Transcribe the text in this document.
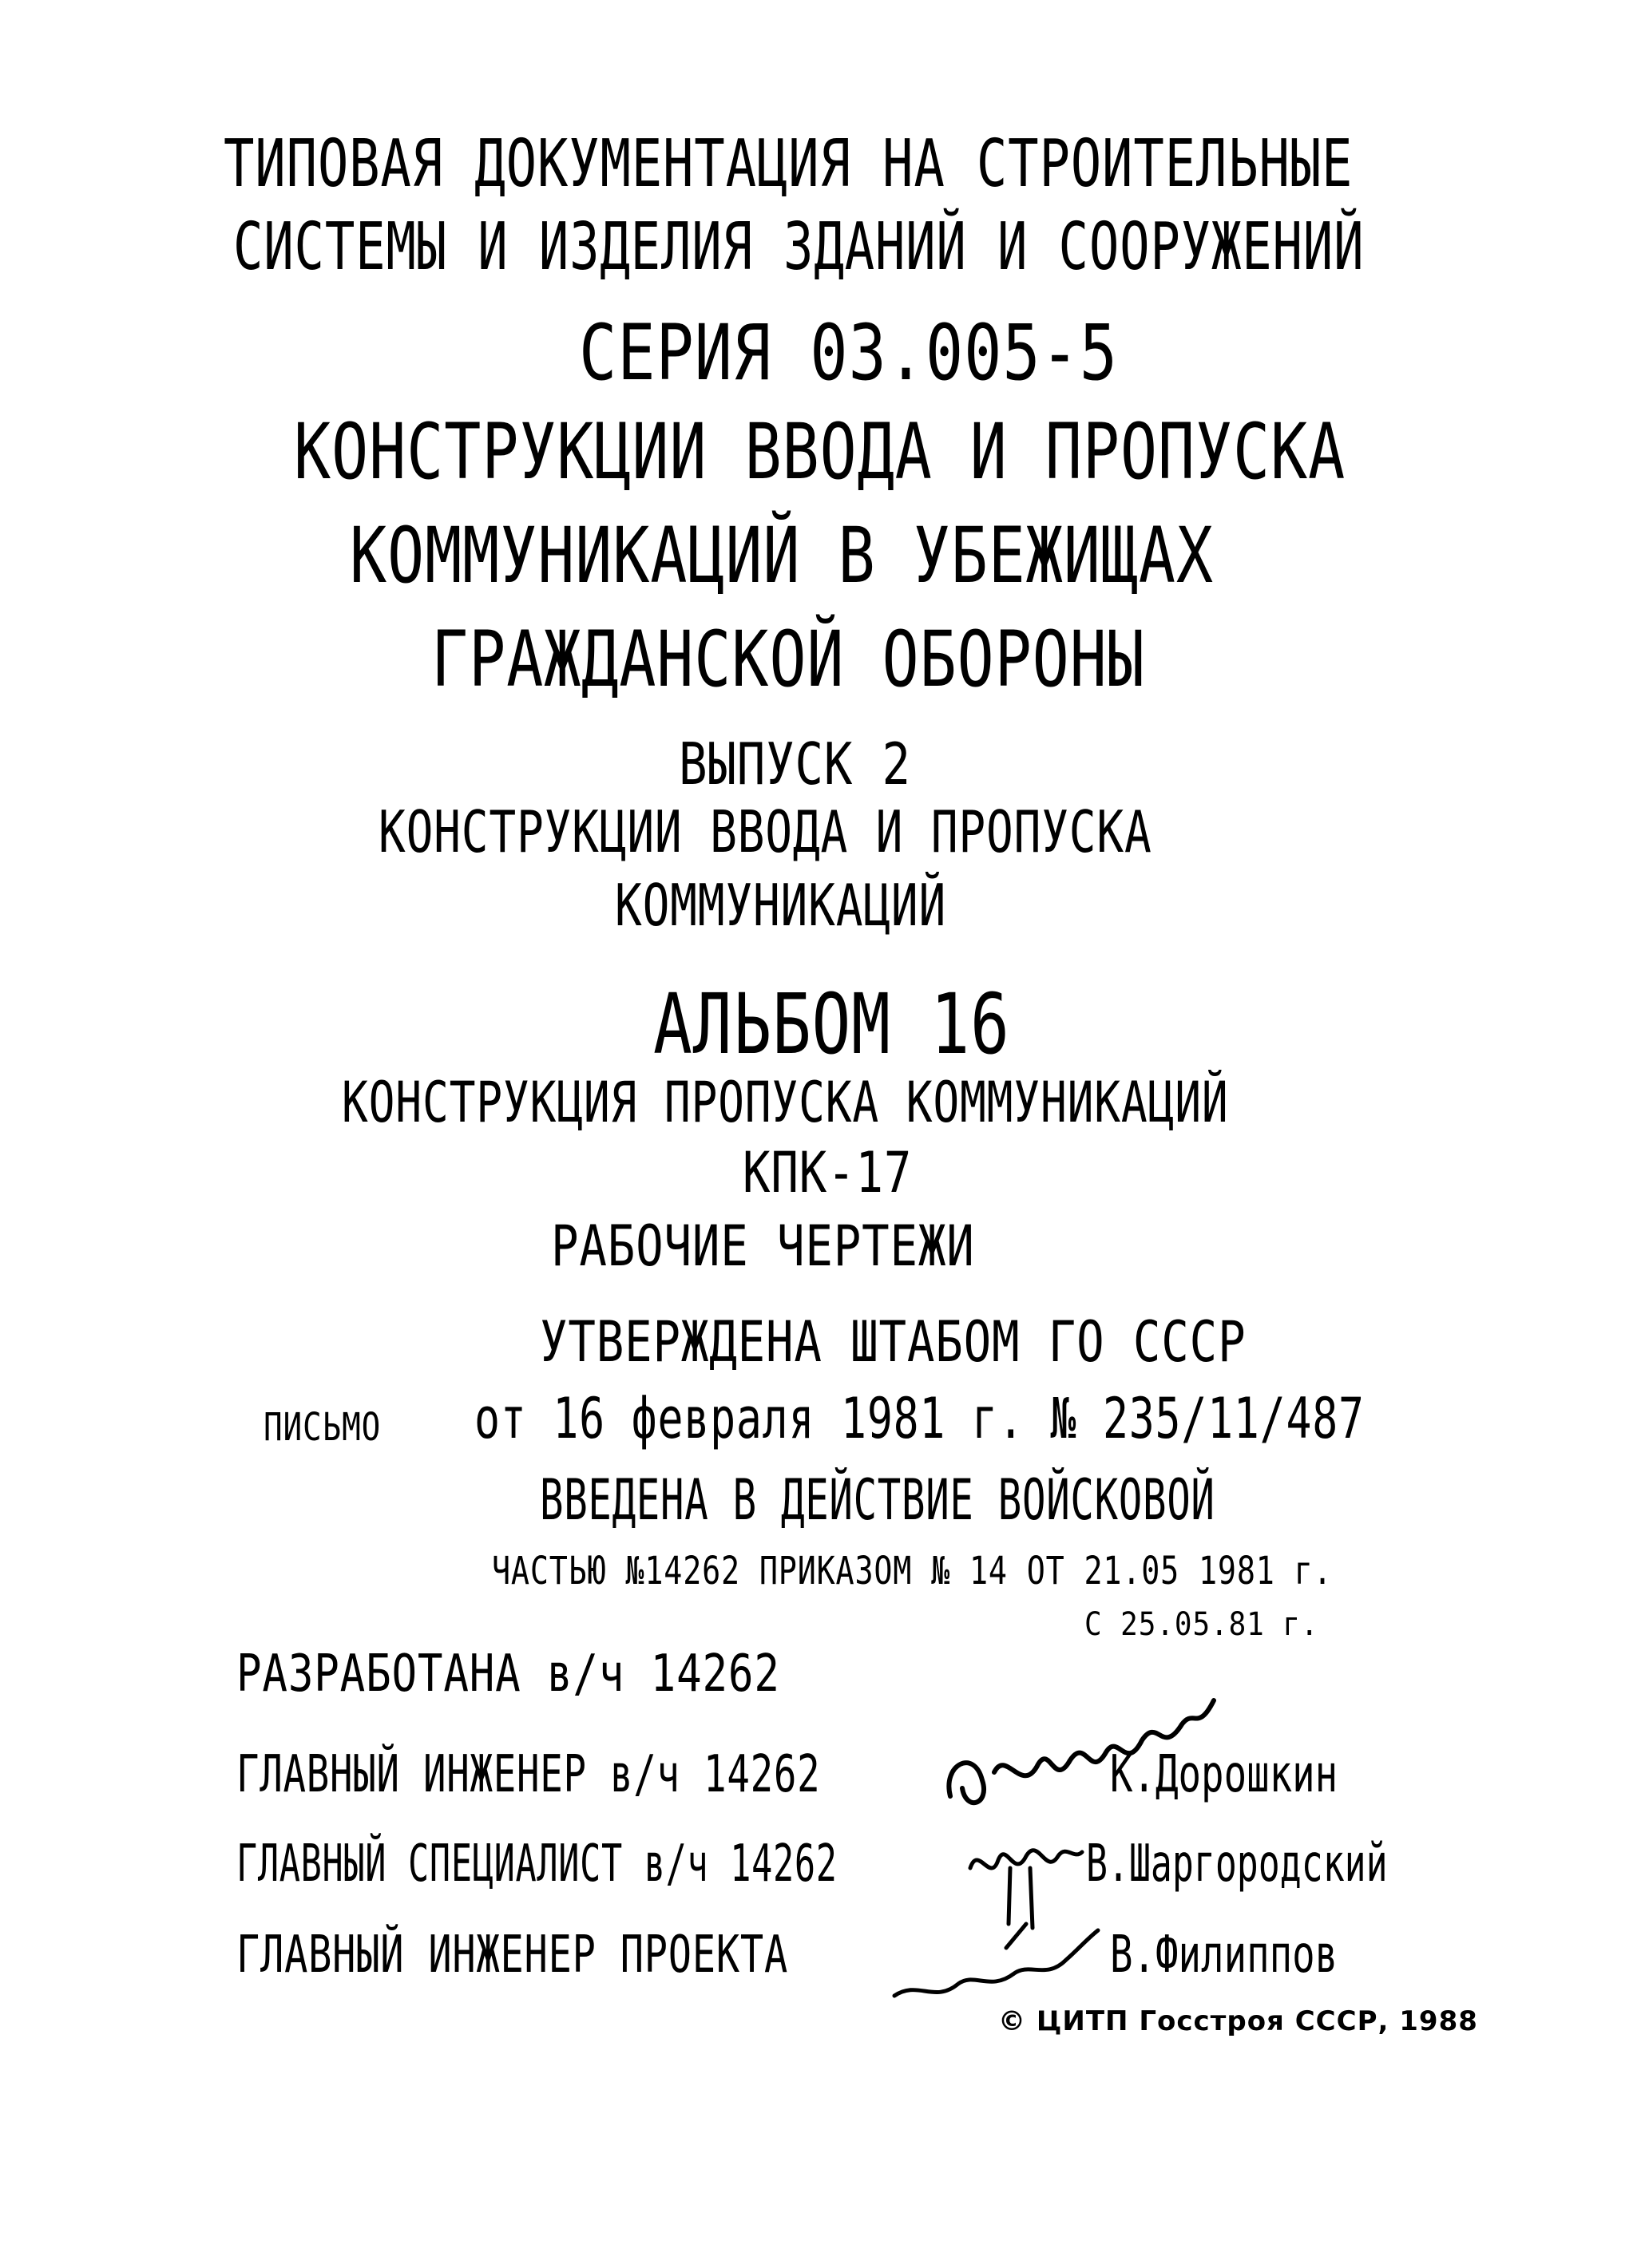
ТИПОВАЯ ДОКУМЕНТАЦИЯ НА СТРОИТЕЛЬНЫЕ
СИСТЕМЫ И ИЗДЕЛИЯ ЗДАНИЙ И СООРУЖЕНИЙ
СЕРИЯ 03.005-5
КОНСТРУКЦИИ ВВОДА И ПРОПУСКА
КОММУНИКАЦИЙ В УБЕЖИЩАХ
ГРАЖДАНСКОЙ ОБОРОНЫ
ВЫПУСК 2
КОНСТРУКЦИИ ВВОДА И ПРОПУСКА
КОММУНИКАЦИЙ
АЛЬБОМ 16
КОНСТРУКЦИЯ ПРОПУСКА КОММУНИКАЦИЙ
КПК-17
РАБОЧИЕ ЧЕРТЕЖИ
УТВЕРЖДЕНА ШТАБОМ ГО СССР
ПИСЬМО	от 16 февраля 1981 г. № 235/11/487
ВВЕДЕНА В ДЕЙСТВИЕ ВОЙСКОВОЙ
ЧАСТЬЮ №14262 ПРИКАЗОМ № 14 ОТ 21.05 1981 г.
С 25.05.81 г.
РАЗРАБОТАНА в/ч 14262
ГЛАВНЫЙ ИНЖЕНЕР в/ч 14262	К.Дорошкин
ГЛАВНЫЙ СПЕЦИАЛИСТ в/ч 14262	В.Шаргородский
ГЛАВНЫЙ ИНЖЕНЕР ПРОЕКТА	В.Филиппов
© ЦИТП Госстроя СССР, 1988
